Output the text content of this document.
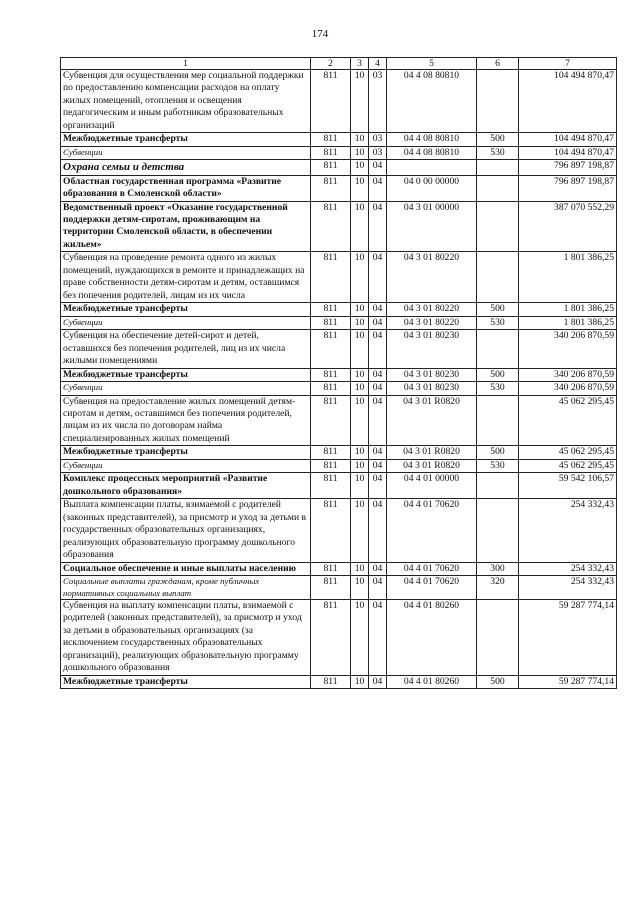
174
1	2	3	4	5	6	7
Субвенция для осуществления мер социальной поддержки по предоставлению компенсации расходов на оплату жилых помещений, отопления и освещения педагогическим и иным работникам образовательных организаций	811	10	03	04 4 08 80810		104 494 870,47
Межбюджетные трансферты	811	10	03	04 4 08 80810	500	104 494 870,47
Субвенции	811	10	03	04 4 08 80810	530	104 494 870,47
Охрана семьи и детства	811	10	04			796 897 198,87
Областная государственная программа «Развитие образования в Смоленской области»	811	10	04	04 0 00 00000		796 897 198,87
Ведомственный проект «Оказание государственной поддержки детям-сиротам, проживающим на территории Смоленской области, в обеспечении жильем»	811	10	04	04 3 01 00000		387 070 552,29
Субвенция на проведение ремонта одного из жилых помещений, нуждающихся в ремонте и принадлежащих на праве собственности детям-сиротам и детям, оставшимся без попечения родителей, лицам из их числа	811	10	04	04 3 01 80220		1 801 386,25
Межбюджетные трансферты	811	10	04	04 3 01 80220	500	1 801 386,25
Субвенции	811	10	04	04 3 01 80220	530	1 801 386,25
Субвенция на обеспечение детей-сирот и детей, оставшихся без попечения родителей, лиц из их числа жилыми помещениями	811	10	04	04 3 01 80230		340 206 870,59
Межбюджетные трансферты	811	10	04	04 3 01 80230	500	340 206 870,59
Субвенции	811	10	04	04 3 01 80230	530	340 206 870,59
Субвенция на предоставление жилых помещений детям-сиротам и детям, оставшимся без попечения родителей, лицам из их числа по договорам найма специализированных жилых помещений	811	10	04	04 3 01 R0820		45 062 295,45
Межбюджетные трансферты	811	10	04	04 3 01 R0820	500	45 062 295,45
Субвенции	811	10	04	04 3 01 R0820	530	45 062 295,45
Комплекс процессных мероприятий «Развитие дошкольного образования»	811	10	04	04 4 01 00000		59 542 106,57
Выплата компенсации платы, взимаемой с родителей (законных представителей), за присмотр и уход за детьми в государственных образовательных организациях, реализующих образовательную программу дошкольного образования	811	10	04	04 4 01 70620		254 332,43
Социальное обеспечение и иные выплаты населению	811	10	04	04 4 01 70620	300	254 332,43
Социальные выплаты гражданам, кроме публичных нормативных социальных выплат	811	10	04	04 4 01 70620	320	254 332,43
Субвенция на выплату компенсации платы, взимаемой с родителей (законных представителей), за присмотр и уход за детьми в образовательных организациях (за исключением государственных образовательных организаций), реализующих образовательную программу дошкольного образования	811	10	04	04 4 01 80260		59 287 774,14
Межбюджетные трансферты	811	10	04	04 4 01 80260	500	59 287 774,14
